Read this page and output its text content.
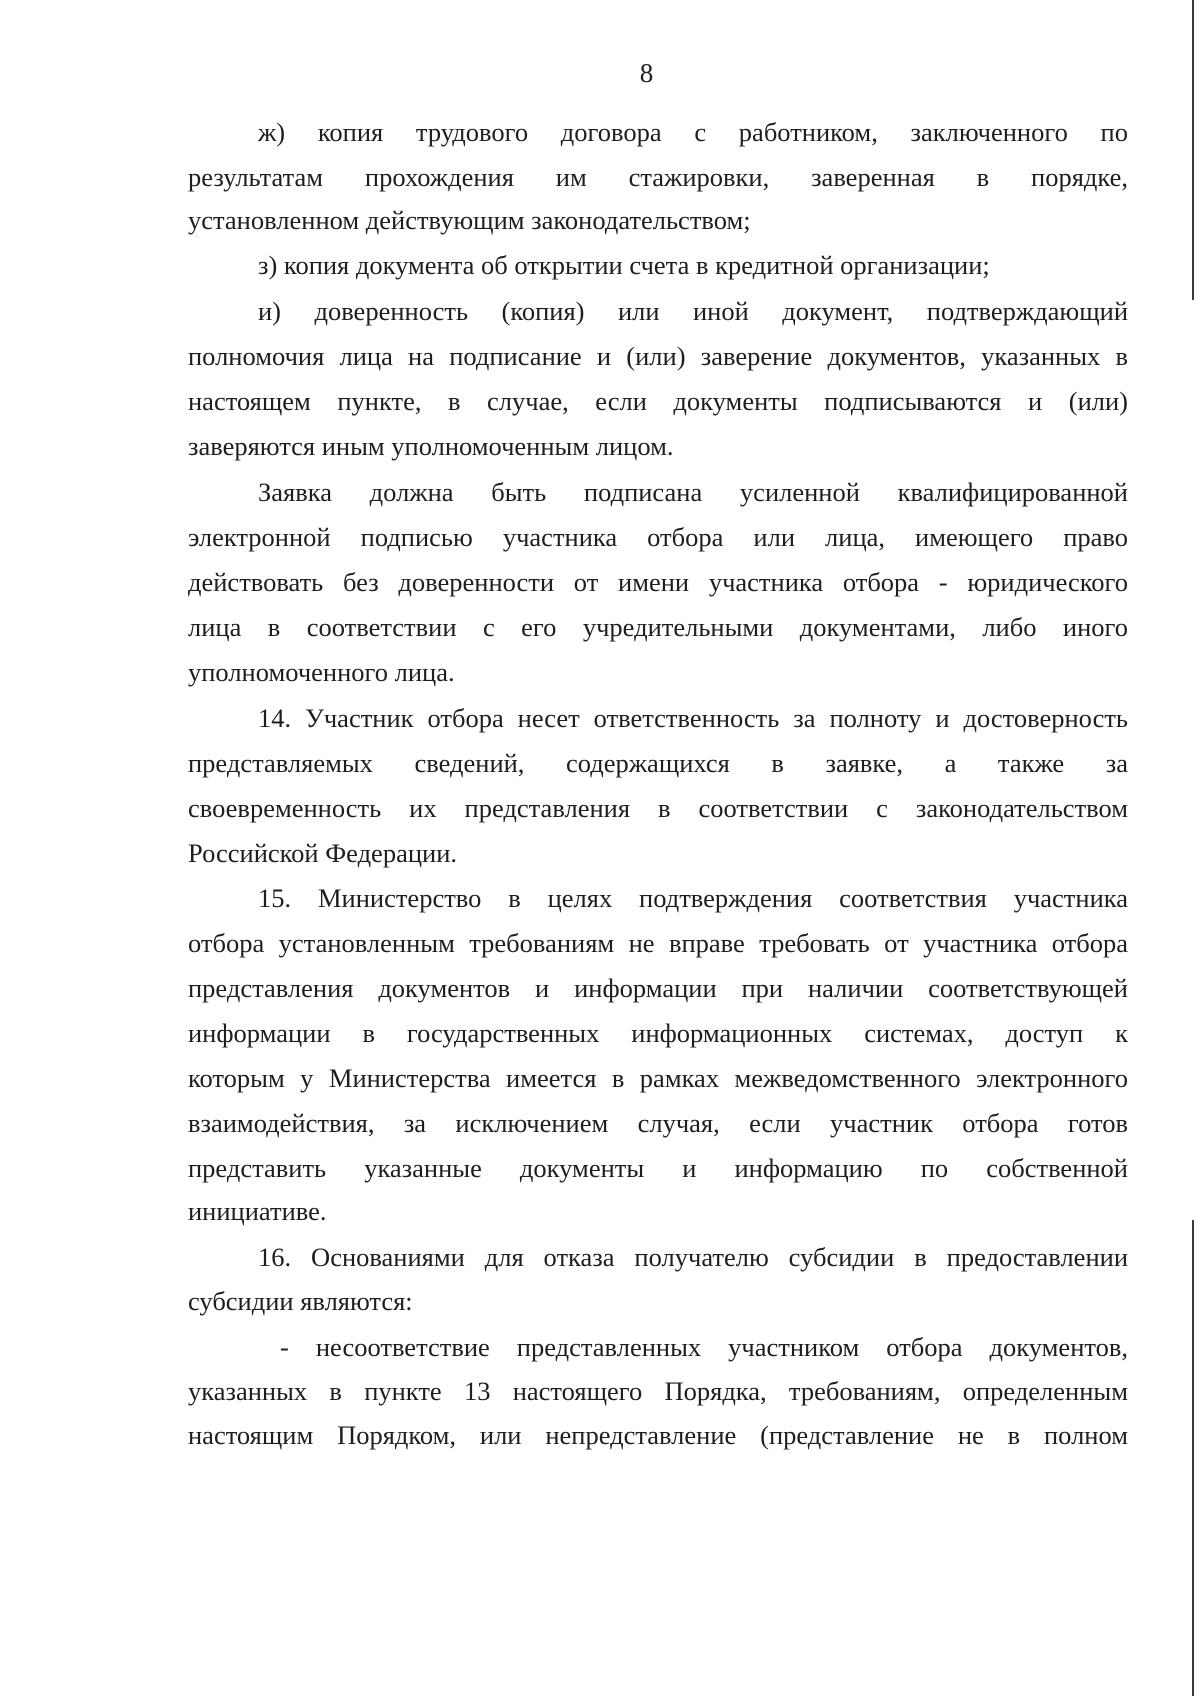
8
ж) копия трудового договора с работником, заключенного по
результатам прохождения им стажировки, заверенная в порядке,
установленном действующим законодательством;
з) копия документа об открытии счета в кредитной организации;
и) доверенность (копия) или иной документ, подтверждающий
полномочия лица на подписание и (или) заверение документов, указанных в
настоящем пункте, в случае, если документы подписываются и (или)
заверяются иным уполномоченным лицом.
Заявка должна быть подписана усиленной квалифицированной
электронной подписью участника отбора или лица, имеющего право
действовать без доверенности от имени участника отбора - юридического
лица в соответствии с его учредительными документами, либо иного
уполномоченного лица.
14. Участник отбора несет ответственность за полноту и достоверность
представляемых сведений, содержащихся в заявке, а также за
своевременность их представления в соответствии с законодательством
Российской Федерации.
15. Министерство в целях подтверждения соответствия участника
отбора установленным требованиям не вправе требовать от участника отбора
представления документов и информации при наличии соответствующей
информации в государственных информационных системах, доступ к
которым у Министерства имеется в рамках межведомственного электронного
взаимодействия, за исключением случая, если участник отбора готов
представить указанные документы и информацию по собственной
инициативе.
16. Основаниями для отказа получателю субсидии в предоставлении
субсидии являются:
- несоответствие представленных участником отбора документов,
указанных в пункте 13 настоящего Порядка, требованиям, определенным
настоящим Порядком, или непредставление (представление не в полном
